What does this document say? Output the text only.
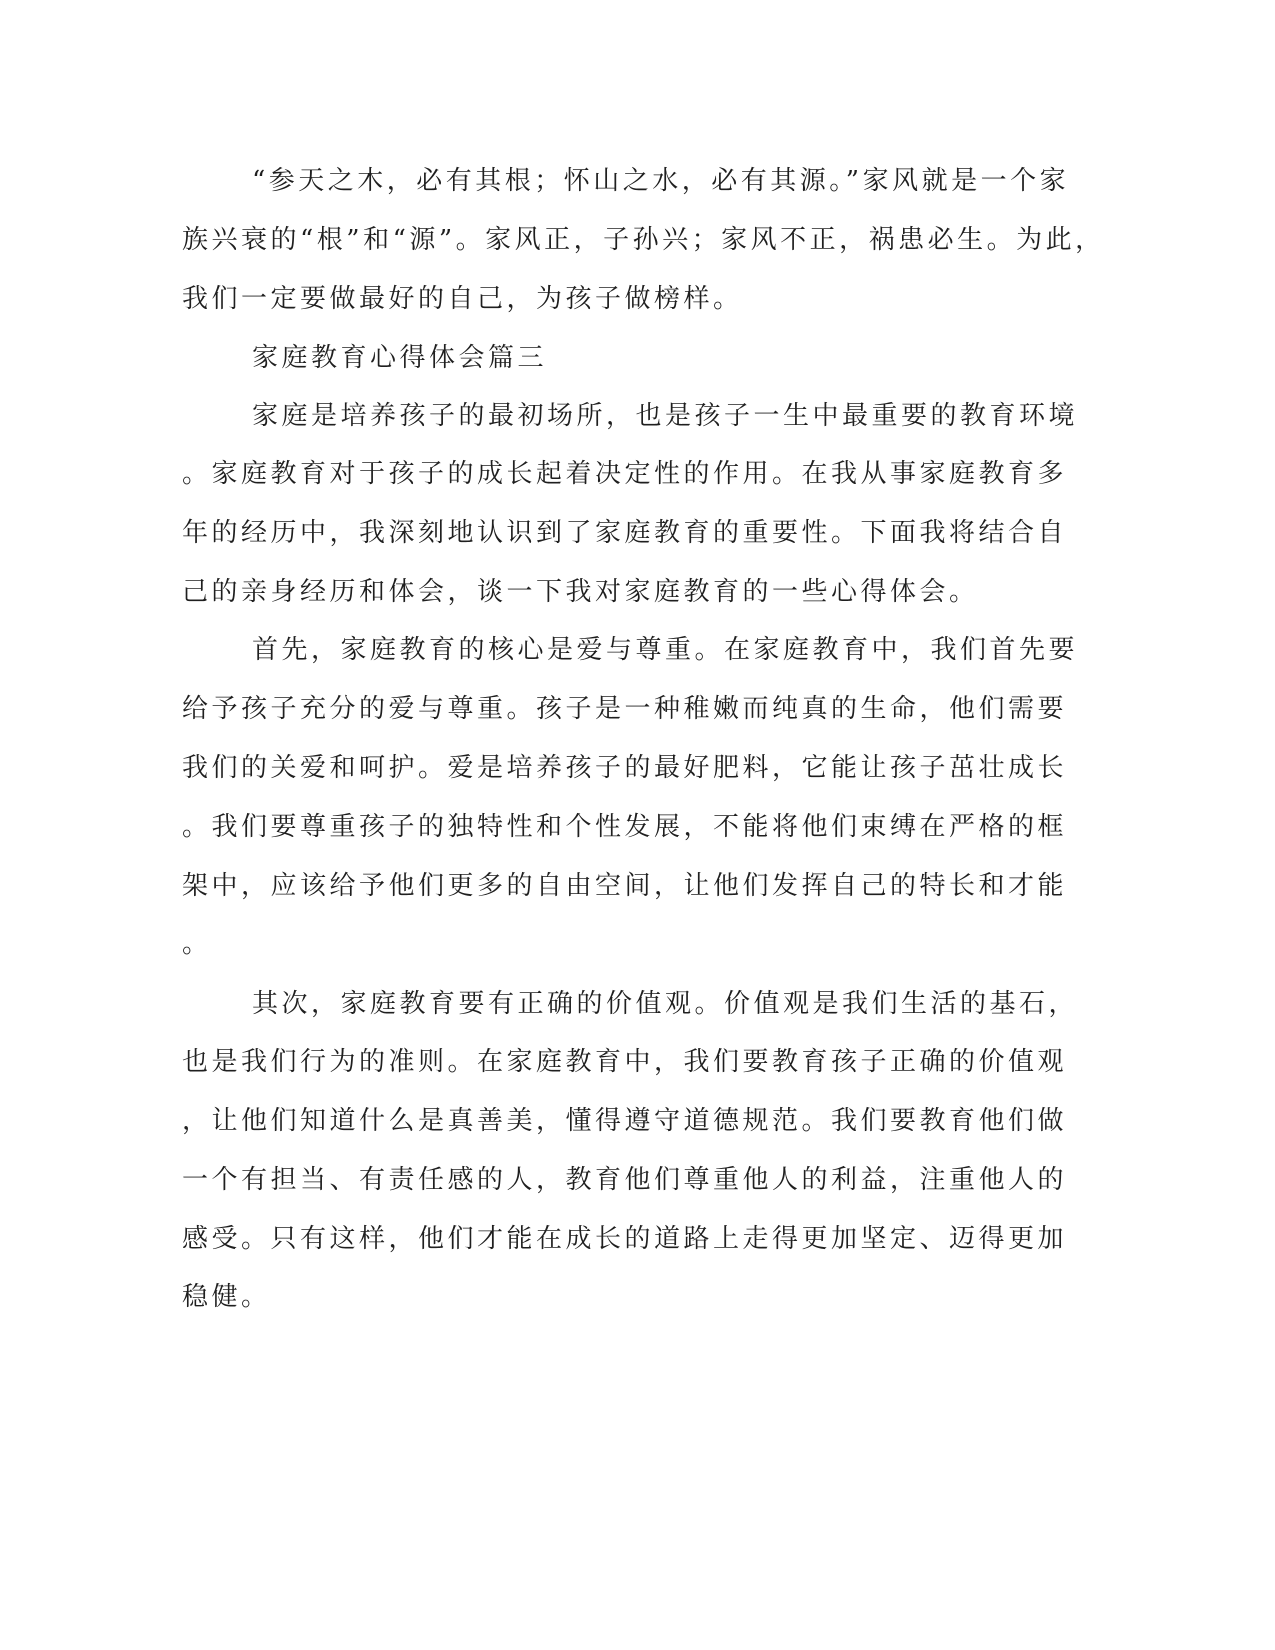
“参天之木，必有其根；怀山之水，必有其源。”家风就是一个家

族兴衰的“根”和“源”。家风正，子孙兴；家风不正，祸患必生。为此，

我们一定要做最好的自己，为孩子做榜样。

家庭教育心得体会篇三

家庭是培养孩子的最初场所，也是孩子一生中最重要的教育环境

。家庭教育对于孩子的成长起着决定性的作用。在我从事家庭教育多

年的经历中，我深刻地认识到了家庭教育的重要性。下面我将结合自

己的亲身经历和体会，谈一下我对家庭教育的一些心得体会。

首先，家庭教育的核心是爱与尊重。在家庭教育中，我们首先要

给予孩子充分的爱与尊重。孩子是一种稚嫩而纯真的生命，他们需要

我们的关爱和呵护。爱是培养孩子的最好肥料，它能让孩子茁壮成长

。我们要尊重孩子的独特性和个性发展，不能将他们束缚在严格的框

架中，应该给予他们更多的自由空间，让他们发挥自己的特长和才能

。

其次，家庭教育要有正确的价值观。价值观是我们生活的基石，

也是我们行为的准则。在家庭教育中，我们要教育孩子正确的价值观

，让他们知道什么是真善美，懂得遵守道德规范。我们要教育他们做

一个有担当、有责任感的人，教育他们尊重他人的利益，注重他人的

感受。只有这样，他们才能在成长的道路上走得更加坚定、迈得更加

稳健。
